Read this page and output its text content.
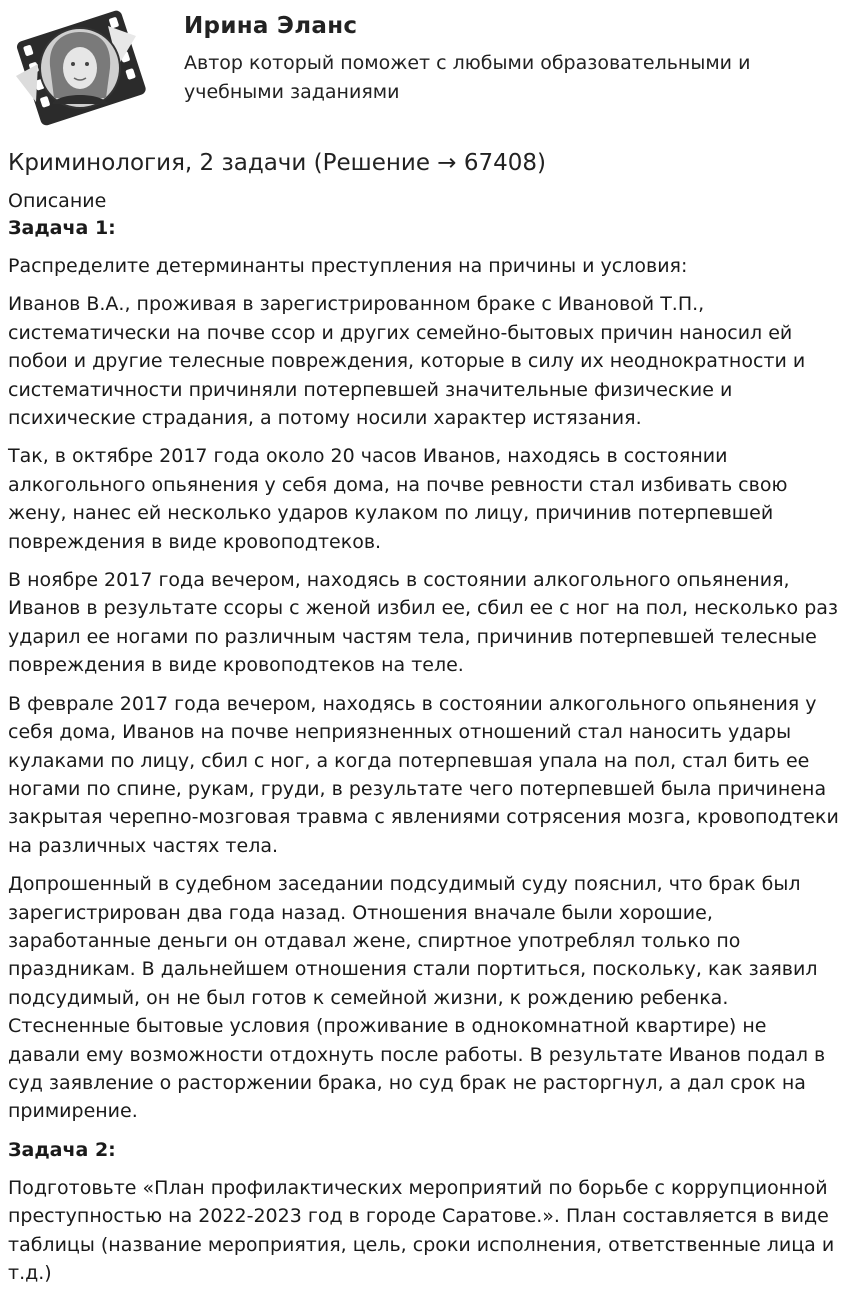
Ирина Эланс
Автор который поможет с любыми образовательными и учебными заданиями
Криминология, 2 задачи (Решение → 67408)
Описание
Задача 1:

Распределите детерминанты преступления на причины и условия:

Иванов В.А., проживая в зарегистрированном браке с Ивановой Т.П., систематически на почве ссор и других семейно-бытовых причин наносил ей побои и другие телесные повреждения, которые в силу их неоднократности и систематичности причиняли потерпевшей значительные физические и психические страдания, а потому носили характер истязания.

Так, в октябре 2017 года около 20 часов Иванов, находясь в состоянии алкогольного опьянения у себя дома, на почве ревности стал избивать свою жену, нанес ей несколько ударов кулаком по лицу, причинив потерпевшей повреждения в виде кровоподтеков.

В ноябре 2017 года вечером, находясь в состоянии алкогольного опьянения, Иванов в результате ссоры с женой избил ее, сбил ее с ног на пол, несколько раз ударил ее ногами по различным частям тела, причинив потерпевшей телесные повреждения в виде кровоподтеков на теле.

В феврале 2017 года вечером, находясь в состоянии алкогольного опьянения у себя дома, Иванов на почве неприязненных отношений стал наносить удары кулаками по лицу, сбил с ног, а когда потерпевшая упала на пол, стал бить ее ногами по спине, рукам, груди, в результате чего потерпевшей была причинена закрытая черепно-мозговая травма с явлениями сотрясения мозга, кровоподтеки на различных частях тела.

Допрошенный в судебном заседании подсудимый суду пояснил, что брак был зарегистрирован два года назад. Отношения вначале были хорошие, заработанные деньги он отдавал жене, спиртное употреблял только по праздникам. В дальнейшем отношения стали портиться, поскольку, как заявил подсудимый, он не был готов к семейной жизни, к рождению ребенка. Стесненные бытовые условия (проживание в однокомнатной квартире) не давали ему возможности отдохнуть после работы. В результате Иванов подал в суд заявление о расторжении брака, но суд брак не расторгнул, а дал срок на примирение.

Задача 2:

Подготовьте «План профилактических мероприятий по борьбе с коррупционной преступностью на 2022-2023 год в городе Саратове.». План составляется в виде таблицы (название мероприятия, цель, сроки исполнения, ответственные лица и т.д.)
